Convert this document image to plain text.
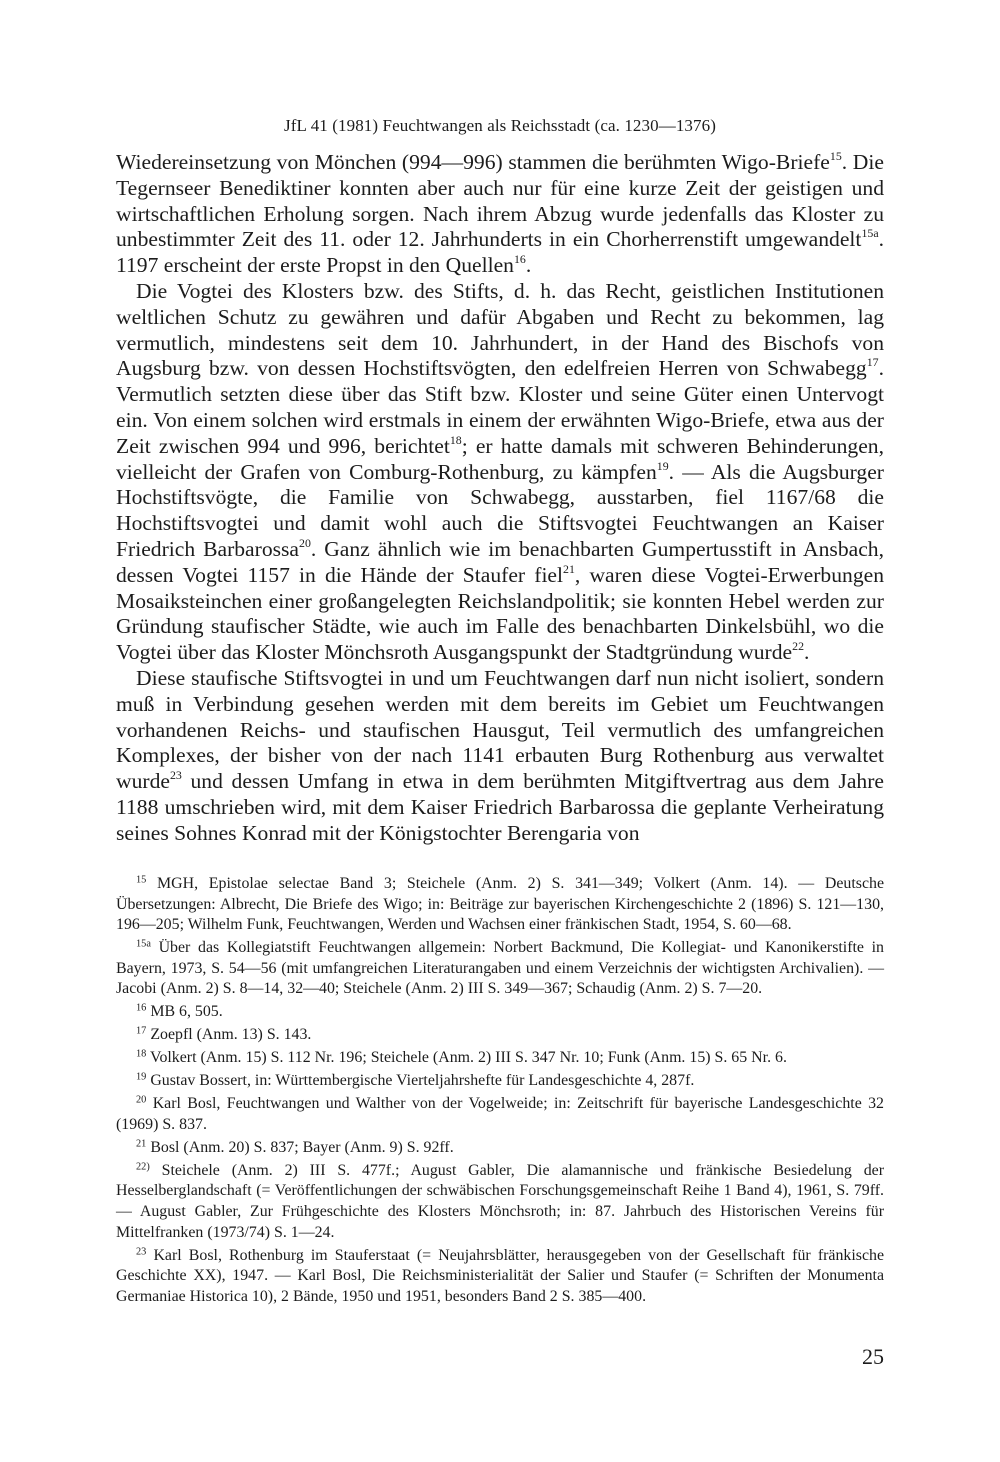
JfL 41 (1981) Feuchtwangen als Reichsstadt (ca. 1230—1376)

Wiedereinsetzung von Mönchen (994—996) stammen die berühmten Wigo-Briefe$^{15}$. Die Tegernseer Benediktiner konnten aber auch nur für eine kurze Zeit der geistigen und wirtschaftlichen Erholung sorgen. Nach ihrem Abzug wurde jedenfalls das Kloster zu unbestimmter Zeit des 11. oder 12. Jahrhunderts in ein Chorherrenstift umgewandelt$^{15a}$. 1197 erscheint der erste Propst in den Quellen$^{16}$.

Die Vogtei des Klosters bzw. des Stifts, d. h. das Recht, geistlichen Institutionen weltlichen Schutz zu gewähren und dafür Abgaben und Recht zu bekommen, lag vermutlich, mindestens seit dem 10. Jahrhundert, in der Hand des Bischofs von Augsburg bzw. von dessen Hochstiftsvögten, den edelfreien Herren von Schwabegg$^{17}$. Vermutlich setzten diese über das Stift bzw. Kloster und seine Güter einen Untervogt ein. Von einem solchen wird erstmals in einem der erwähnten Wigo-Briefe, etwa aus der Zeit zwischen 994 und 996, berichtet$^{18}$; er hatte damals mit schweren Behinderungen, vielleicht der Grafen von Comburg-Rothenburg, zu kämpfen$^{19}$. — Als die Augsburger Hochstiftsvögte, die Familie von Schwabegg, ausstarben, fiel 1167/68 die Hochstiftsvogtei und damit wohl auch die Stiftsvogtei Feuchtwangen an Kaiser Friedrich Barbarossa$^{20}$. Ganz ähnlich wie im benachbarten Gumpertusstift in Ansbach, dessen Vogtei 1157 in die Hände der Staufer fiel$^{21}$, waren diese Vogtei-Erwerbungen Mosaiksteinchen einer großangelegten Reichslandpolitik; sie konnten Hebel werden zur Gründung staufischer Städte, wie auch im Falle des benachbarten Dinkelsbühl, wo die Vogtei über das Kloster Mönchsroth Ausgangspunkt der Stadtgründung wurde$^{22}$.

Diese staufische Stiftsvogtei in und um Feuchtwangen darf nun nicht isoliert, sondern muß in Verbindung gesehen werden mit dem bereits im Gebiet um Feuchtwangen vorhandenen Reichs- und staufischen Hausgut, Teil vermutlich des umfangreichen Komplexes, der bisher von der nach 1141 erbauten Burg Rothenburg aus verwaltet wurde$^{23}$ und dessen Umfang in etwa in dem berühmten Mitgiftvertrag aus dem Jahre 1188 umschrieben wird, mit dem Kaiser Friedrich Barbarossa die geplante Verheiratung seines Sohnes Konrad mit der Königstochter Berengaria von

$^{15}$ MGH, Epistolae selectae Band 3; Steichele (Anm. 2) S. 341—349; Volkert (Anm. 14). — Deutsche Übersetzungen: Albrecht, Die Briefe des Wigo; in: Beiträge zur bayerischen Kirchengeschichte 2 (1896) S. 121—130, 196—205; Wilhelm Funk, Feuchtwangen, Werden und Wachsen einer fränkischen Stadt, 1954, S. 60—68.

$^{15a}$ Über das Kollegiatstift Feuchtwangen allgemein: Norbert Backmund, Die Kollegiat- und Kanonikerstifte in Bayern, 1973, S. 54—56 (mit umfangreichen Literaturangaben und einem Verzeichnis der wichtigsten Archivalien). — Jacobi (Anm. 2) S. 8—14, 32—40; Steichele (Anm. 2) III S. 349—367; Schaudig (Anm. 2) S. 7—20.

$^{16}$ MB 6, 505.

$^{17}$ Zoepfl (Anm. 13) S. 143.

$^{18}$ Volkert (Anm. 15) S. 112 Nr. 196; Steichele (Anm. 2) III S. 347 Nr. 10; Funk (Anm. 15) S. 65 Nr. 6.

$^{19}$ Gustav Bossert, in: Württembergische Vierteljahrshefte für Landesgeschichte 4, 287f.

$^{20}$ Karl Bosl, Feuchtwangen und Walther von der Vogelweide; in: Zeitschrift für bayerische Landesgeschichte 32 (1969) S. 837.

$^{21}$ Bosl (Anm. 20) S. 837; Bayer (Anm. 9) S. 92ff.

$^{22)}$ Steichele (Anm. 2) III S. 477f.; August Gabler, Die alamannische und fränkische Besiedelung der Hesselberglandschaft (= Veröffentlichungen der schwäbischen Forschungsgemeinschaft Reihe 1 Band 4), 1961, S. 79ff. — August Gabler, Zur Frühgeschichte des Klosters Mönchsroth; in: 87. Jahrbuch des Historischen Vereins für Mittelfranken (1973/74) S. 1—24.

$^{23}$ Karl Bosl, Rothenburg im Stauferstaat (= Neujahrsblätter, herausgegeben von der Gesellschaft für fränkische Geschichte XX), 1947. — Karl Bosl, Die Reichsministerialität der Salier und Staufer (= Schriften der Monumenta Germaniae Historica 10), 2 Bände, 1950 und 1951, besonders Band 2 S. 385—400.

25
